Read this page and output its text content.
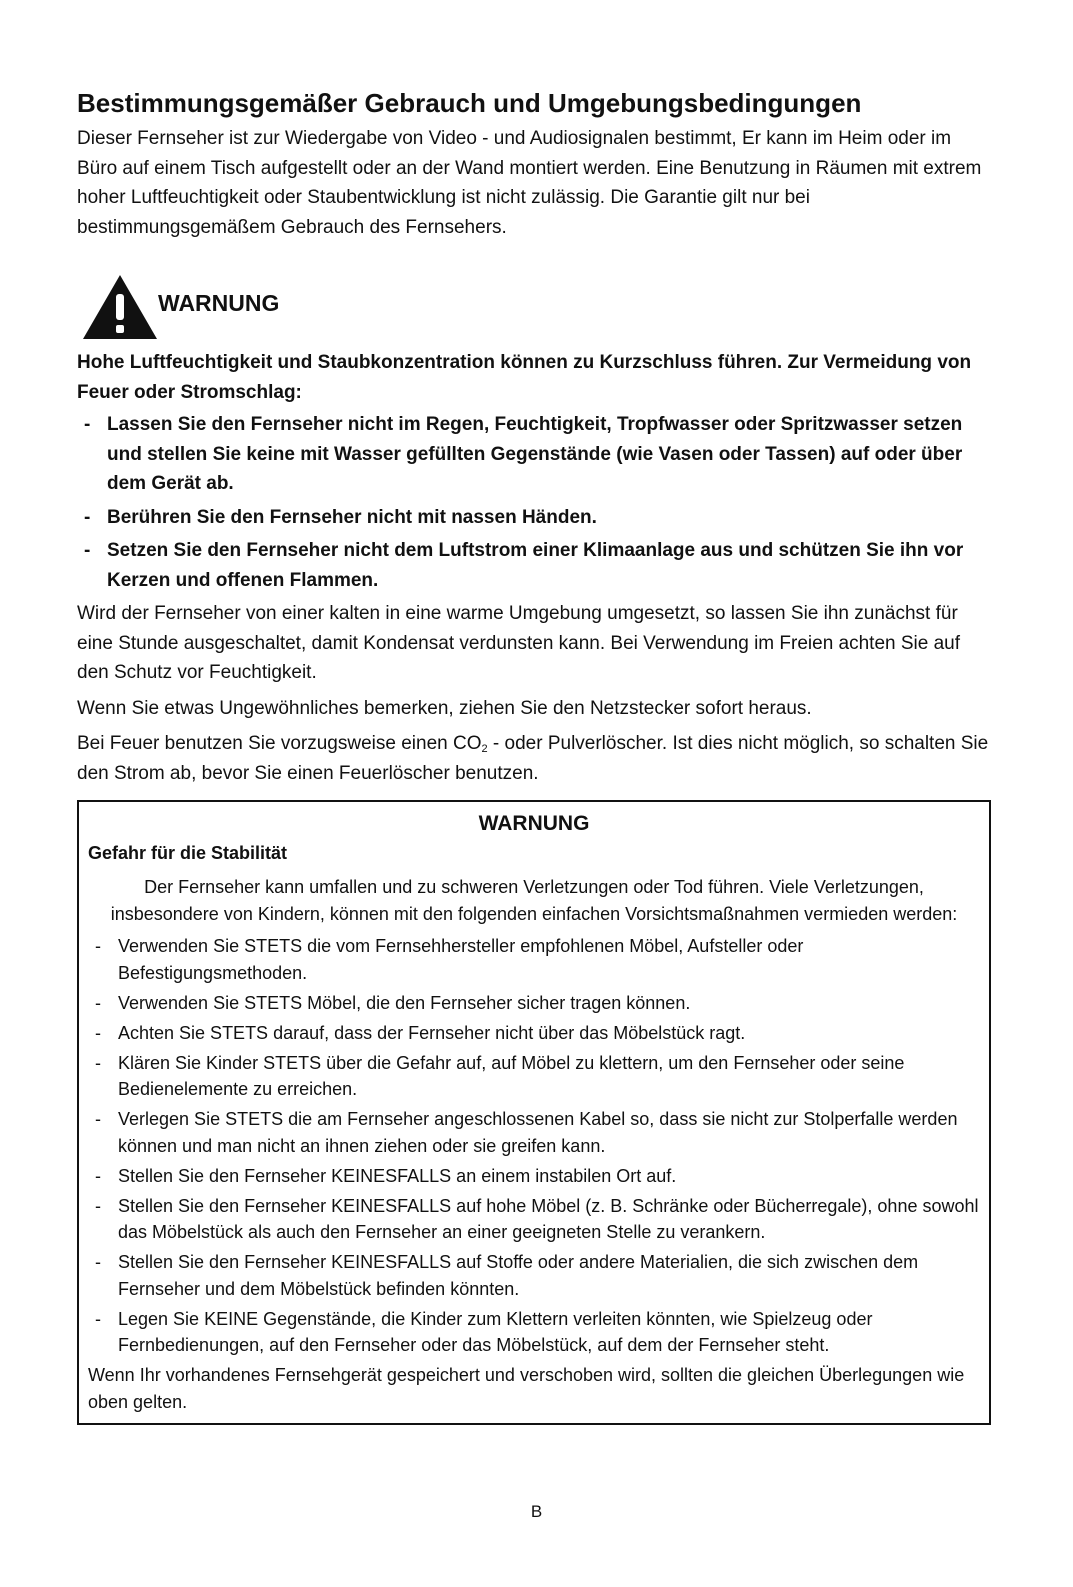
Bestimmungsgemäßer Gebrauch und Umgebungsbedingungen

Dieser Fernseher ist zur Wiedergabe von Video - und Audiosignalen bestimmt, Er kann im Heim oder im Büro auf einem Tisch aufgestellt oder an der Wand montiert werden. Eine Benutzung in Räumen mit extrem hoher Luftfeuchtigkeit oder Staubentwicklung ist nicht zulässig. Die Garantie gilt nur bei bestimmungsgemäßem Gebrauch des Fernsehers.

WARNUNG

Hohe Luftfeuchtigkeit und Staubkonzentration können zu Kurzschluss führen. Zur Vermeidung von Feuer oder Stromschlag:

- Lassen Sie den Fernseher nicht im Regen, Feuchtigkeit, Tropfwasser oder Spritzwasser setzen und stellen Sie keine mit Wasser gefüllten Gegenstände (wie Vasen oder Tassen) auf oder über dem Gerät ab.
- Berühren Sie den Fernseher nicht mit nassen Händen.
- Setzen Sie den Fernseher nicht dem Luftstrom einer Klimaanlage aus und schützen Sie ihn vor Kerzen und offenen Flammen.

Wird der Fernseher von einer kalten in eine warme Umgebung umgesetzt, so lassen Sie ihn zunächst für eine Stunde ausgeschaltet, damit Kondensat verdunsten kann. Bei Verwendung im Freien achten Sie auf den Schutz vor Feuchtigkeit.

Wenn Sie etwas Ungewöhnliches bemerken, ziehen Sie den Netzstecker sofort heraus.

Bei Feuer benutzen Sie vorzugsweise einen $CO_2$ - oder Pulverlöscher. Ist dies nicht möglich, so schalten Sie den Strom ab, bevor Sie einen Feuerlöscher benutzen.

WARNUNG
Gefahr für die Stabilität
Der Fernseher kann umfallen und zu schweren Verletzungen oder Tod führen. Viele Verletzungen, insbesondere von Kindern, können mit den folgenden einfachen Vorsichtsmaßnahmen vermieden werden:
- Verwenden Sie STETS die vom Fernsehhersteller empfohlenen Möbel, Aufsteller oder Befestigungsmethoden.
- Verwenden Sie STETS Möbel, die den Fernseher sicher tragen können.
- Achten Sie STETS darauf, dass der Fernseher nicht über das Möbelstück ragt.
- Klären Sie Kinder STETS über die Gefahr auf, auf Möbel zu klettern, um den Fernseher oder seine Bedienelemente zu erreichen.
- Verlegen Sie STETS die am Fernseher angeschlossenen Kabel so, dass sie nicht zur Stolperfalle werden können und man nicht an ihnen ziehen oder sie greifen kann.
- Stellen Sie den Fernseher KEINESFALLS an einem instabilen Ort auf.
- Stellen Sie den Fernseher KEINESFALLS auf hohe Möbel (z. B. Schränke oder Bücherregale), ohne sowohl das Möbelstück als auch den Fernseher an einer geeigneten Stelle zu verankern.
- Stellen Sie den Fernseher KEINESFALLS auf Stoffe oder andere Materialien, die sich zwischen dem Fernseher und dem Möbelstück befinden könnten.
- Legen Sie KEINE Gegenstände, die Kinder zum Klettern verleiten könnten, wie Spielzeug oder Fernbedienungen, auf den Fernseher oder das Möbelstück, auf dem der Fernseher steht.
Wenn Ihr vorhandenes Fernsehgerät gespeichert und verschoben wird, sollten die gleichen Überlegungen wie oben gelten.
B
